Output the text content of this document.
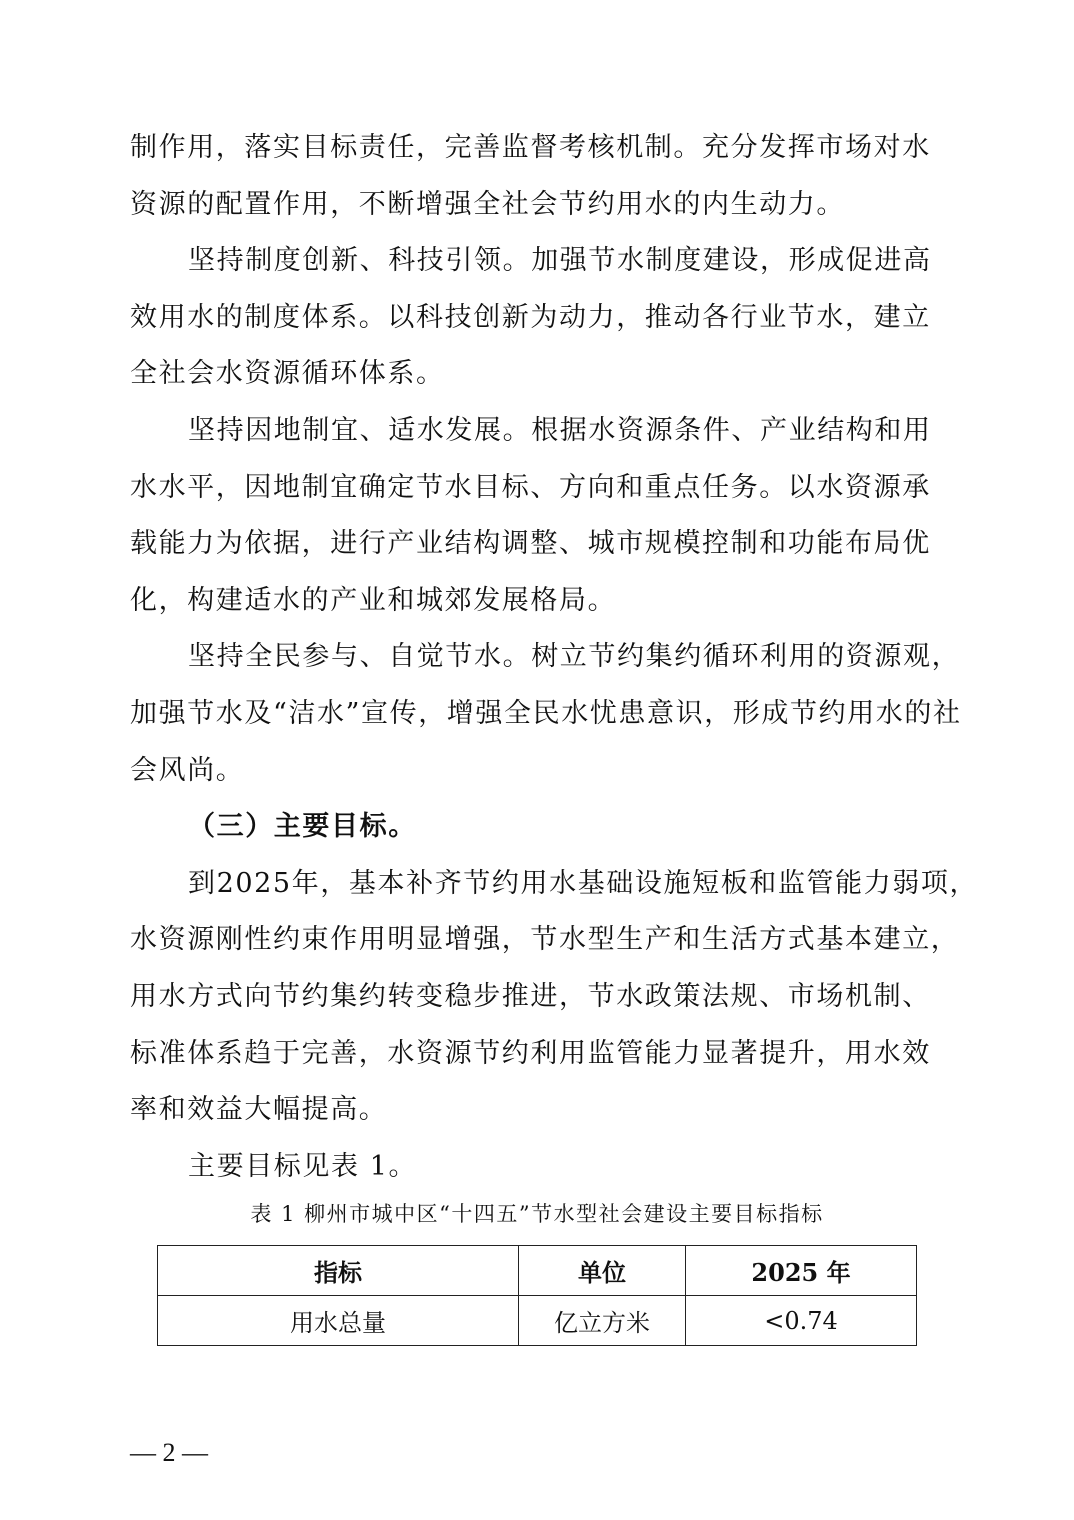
制作用，落实目标责任，完善监督考核机制。充分发挥市场对水
资源的配置作用，不断增强全社会节约用水的内生动力。
坚持制度创新、科技引领。加强节水制度建设，形成促进高
效用水的制度体系。以科技创新为动力，推动各行业节水，建立
全社会水资源循环体系。
坚持因地制宜、适水发展。根据水资源条件、产业结构和用
水水平，因地制宜确定节水目标、方向和重点任务。以水资源承
载能力为依据，进行产业结构调整、城市规模控制和功能布局优
化，构建适水的产业和城郊发展格局。
坚持全民参与、自觉节水。树立节约集约循环利用的资源观，
加强节水及“洁水”宣传，增强全民水忧患意识，形成节约用水的社
会风尚。
（三）主要目标。
到2025年，基本补齐节约用水基础设施短板和监管能力弱项，
水资源刚性约束作用明显增强，节水型生产和生活方式基本建立，
用水方式向节约集约转变稳步推进，节水政策法规、市场机制、
标准体系趋于完善，水资源节约利用监管能力显著提升，用水效
率和效益大幅提高。
主要目标见表 1。
表 1 柳州市城中区“十四五”节水型社会建设主要目标指标
指标	单位	2025 年
用水总量	亿立方米	<0.74
— 2 —
